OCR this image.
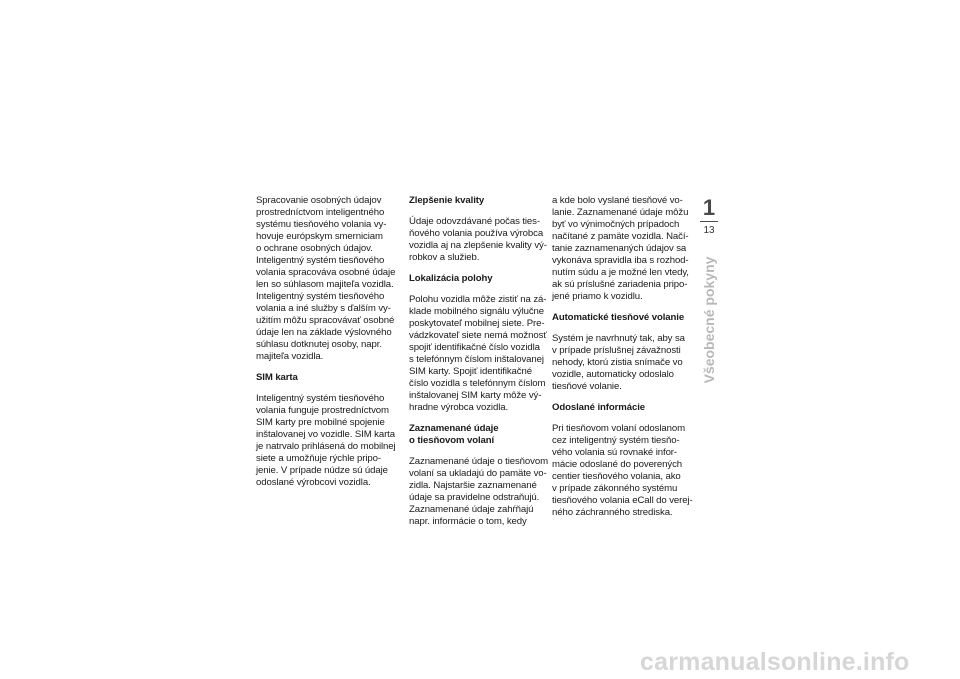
Spracovanie osobných údajov
prostredníctvom inteligentného
systému tiesňového volania vy-
hovuje európskym smerniciam
o ochrane osobných údajov.
Inteligentný systém tiesňového
volania spracováva osobné údaje
len so súhlasom majiteľa vozidla.
Inteligentný systém tiesňového
volania a iné služby s ďalším vy-
užitím môžu spracovávať osobné
údaje len na základe výslovného
súhlasu dotknutej osoby, napr.
majiteľa vozidla.
SIM karta
Inteligentný systém tiesňového
volania funguje prostredníctvom
SIM karty pre mobilné spojenie
inštalovanej vo vozidle. SIM karta
je natrvalo prihlásená do mobilnej
siete a umožňuje rýchle pripo-
jenie. V prípade núdze sú údaje
odoslané výrobcovi vozidla.
Zlepšenie kvality
Údaje odovzdávané počas ties-
ňového volania používa výrobca
vozidla aj na zlepšenie kvality vý-
robkov a služieb.
Lokalizácia polohy
Polohu vozidla môže zistiť na zá-
klade mobilného signálu výlučne
poskytovateľ mobilnej siete. Pre-
vádzkovateľ siete nemá možnosť
spojiť identifikačné číslo vozidla
s telefónnym číslom inštalovanej
SIM karty. Spojiť identifikačné
číslo vozidla s telefónnym číslom
inštalovanej SIM karty môže vý-
hradne výrobca vozidla.
Zaznamenané údaje
o tiesňovom volaní
Zaznamenané údaje o tiesňovom
volaní sa ukladajú do pamäte vo-
zidla. Najstaršie zaznamenané
údaje sa pravidelne odstraňujú.
Zaznamenané údaje zahŕňajú
napr. informácie o tom, kedy
a kde bolo vyslané tiesňové vo-
lanie. Zaznamenané údaje môžu
byť vo výnimočných prípadoch
načítané z pamäte vozidla. Načí-
tanie zaznamenaných údajov sa
vykonáva spravidla iba s rozhod-
nutím súdu a je možné len vtedy,
ak sú príslušné zariadenia pripo-
jené priamo k vozidlu.
Automatické tiesňové volanie
Systém je navrhnutý tak, aby sa
v prípade príslušnej závažnosti
nehody, ktorú zistia snímače vo
vozidle, automaticky odoslalo
tiesňové volanie.
Odoslané informácie
Pri tiesňovom volaní odoslanom
cez inteligentný systém tiesňo-
vého volania sú rovnaké infor-
mácie odoslané do poverených
centier tiesňového volania, ako
v prípade zákonného systému
tiesňového volania eCall do verej-
ného záchranného strediska.
1
13
Všeobecné pokyny
carmanualsonline.info
